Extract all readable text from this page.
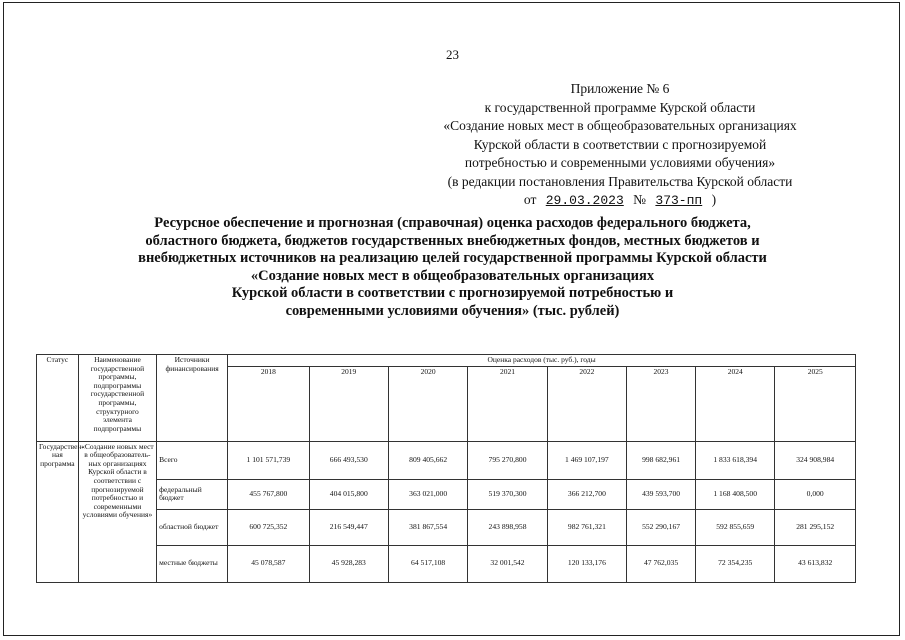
23
Приложение № 6
к государственной программе Курской области
«Создание новых мест в общеобразовательных организациях
Курской области в соответствии с прогнозируемой
потребностью и современными условиями обучения»
(в редакции постановления Правительства Курской области
от 29.03.2023 № 373-пп )
Ресурсное обеспечение и прогнозная (справочная) оценка расходов федерального бюджета,
областного бюджета, бюджетов государственных внебюджетных фондов, местных бюджетов и
внебюджетных источников на реализацию целей государственной программы Курской области
«Создание новых мест в общеобразовательных организациях
Курской области в соответствии с прогнозируемой потребностью и
современными условиями обучения» (тыс. рублей)
Статус	Наименование государственной программы, подпрограммы государственной программы, структурного элемента подпрограммы	Источники финансирования	Оценка расходов (тыс. руб.), годы							
			2018	2019	2020	2021	2022	2023	2024	2025
Государствен-ная программа	«Создание новых мест в общеобразователь-ных организациях Курской области в соответствии с прогнозируемой потребностью и современными условиями обучения»	Всего	1 101 571,739	666 493,530	809 405,662	795 270,800	1 469 107,197	998 682,961	1 833 618,394	324 908,984
		федеральный бюджет	455 767,800	404 015,800	363 021,000	519 370,300	366 212,700	439 593,700	1 168 408,500	0,000
		областной бюджет	600 725,352	216 549,447	381 867,554	243 898,958	982 761,321	552 290,167	592 855,659	281 295,152
		местные бюджеты	45 078,587	45 928,283	64 517,108	32 001,542	120 133,176	47 762,035	72 354,235	43 613,832
